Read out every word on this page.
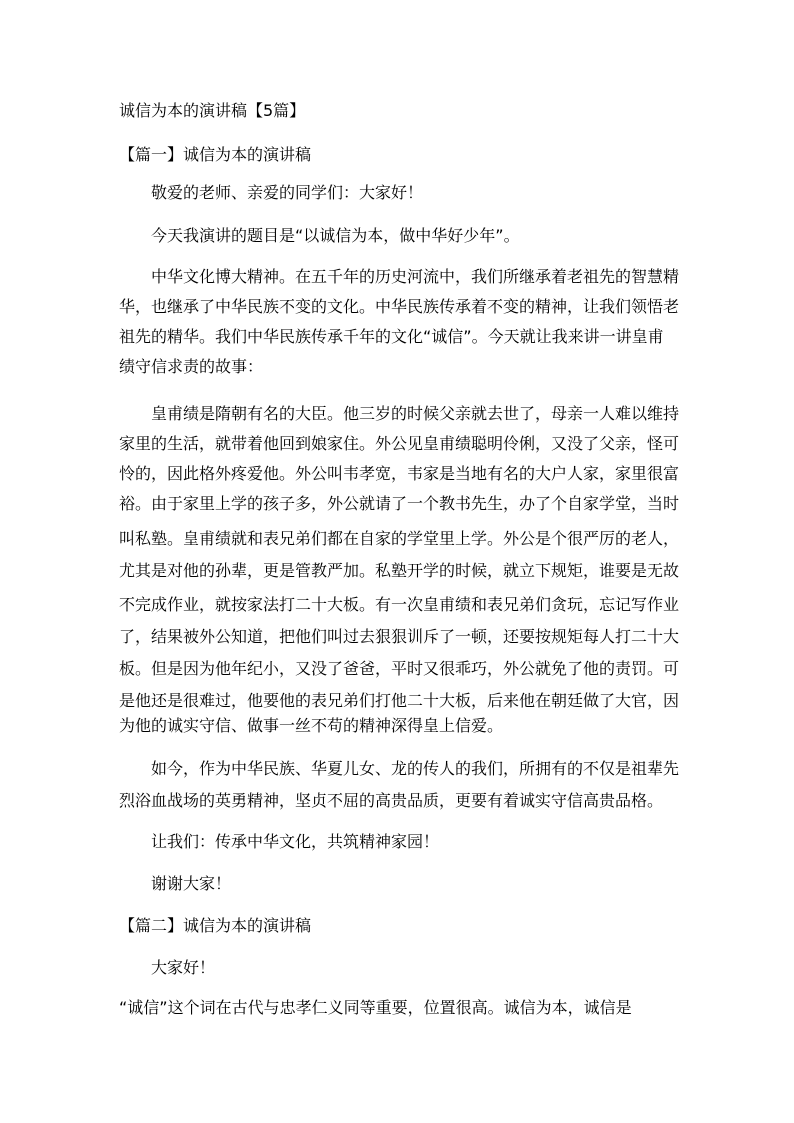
诚信为本的演讲稿【5篇】
【篇一】诚信为本的演讲稿
敬爱的老师、亲爱的同学们：大家好！
今天我演讲的题目是“以诚信为本，做中华好少年”。
中华文化博大精神。在五千年的历史河流中，我们所继承着老祖先的智慧精
华，也继承了中华民族不变的文化。中华民族传承着不变的精神，让我们领悟老
祖先的精华。我们中华民族传承千年的文化“诚信”。今天就让我来讲一讲皇甫
绩守信求责的故事：
皇甫绩是隋朝有名的大臣。他三岁的时候父亲就去世了，母亲一人难以维持
家里的生活，就带着他回到娘家住。外公见皇甫绩聪明伶俐，又没了父亲，怪可
怜的，因此格外疼爱他。外公叫韦孝宽，韦家是当地有名的大户人家，家里很富
裕。由于家里上学的孩子多，外公就请了一个教书先生，办了个自家学堂，当时
叫私塾。皇甫绩就和表兄弟们都在自家的学堂里上学。外公是个很严厉的老人，
尤其是对他的孙辈，更是管教严加。私塾开学的时候，就立下规矩，谁要是无故
不完成作业，就按家法打二十大板。有一次皇甫绩和表兄弟们贪玩，忘记写作业
了，结果被外公知道，把他们叫过去狠狠训斥了一顿，还要按规矩每人打二十大
板。但是因为他年纪小，又没了爸爸，平时又很乖巧，外公就免了他的责罚。可
是他还是很难过，他要他的表兄弟们打他二十大板，后来他在朝廷做了大官，因
为他的诚实守信、做事一丝不苟的精神深得皇上信爱。
如今，作为中华民族、华夏儿女、龙的传人的我们，所拥有的不仅是祖辈先
烈浴血战场的英勇精神，坚贞不屈的高贵品质，更要有着诚实守信高贵品格。
让我们：传承中华文化，共筑精神家园！
谢谢大家！
【篇二】诚信为本的演讲稿
大家好！
“诚信”这个词在古代与忠孝仁义同等重要，位置很高。诚信为本，诚信是
